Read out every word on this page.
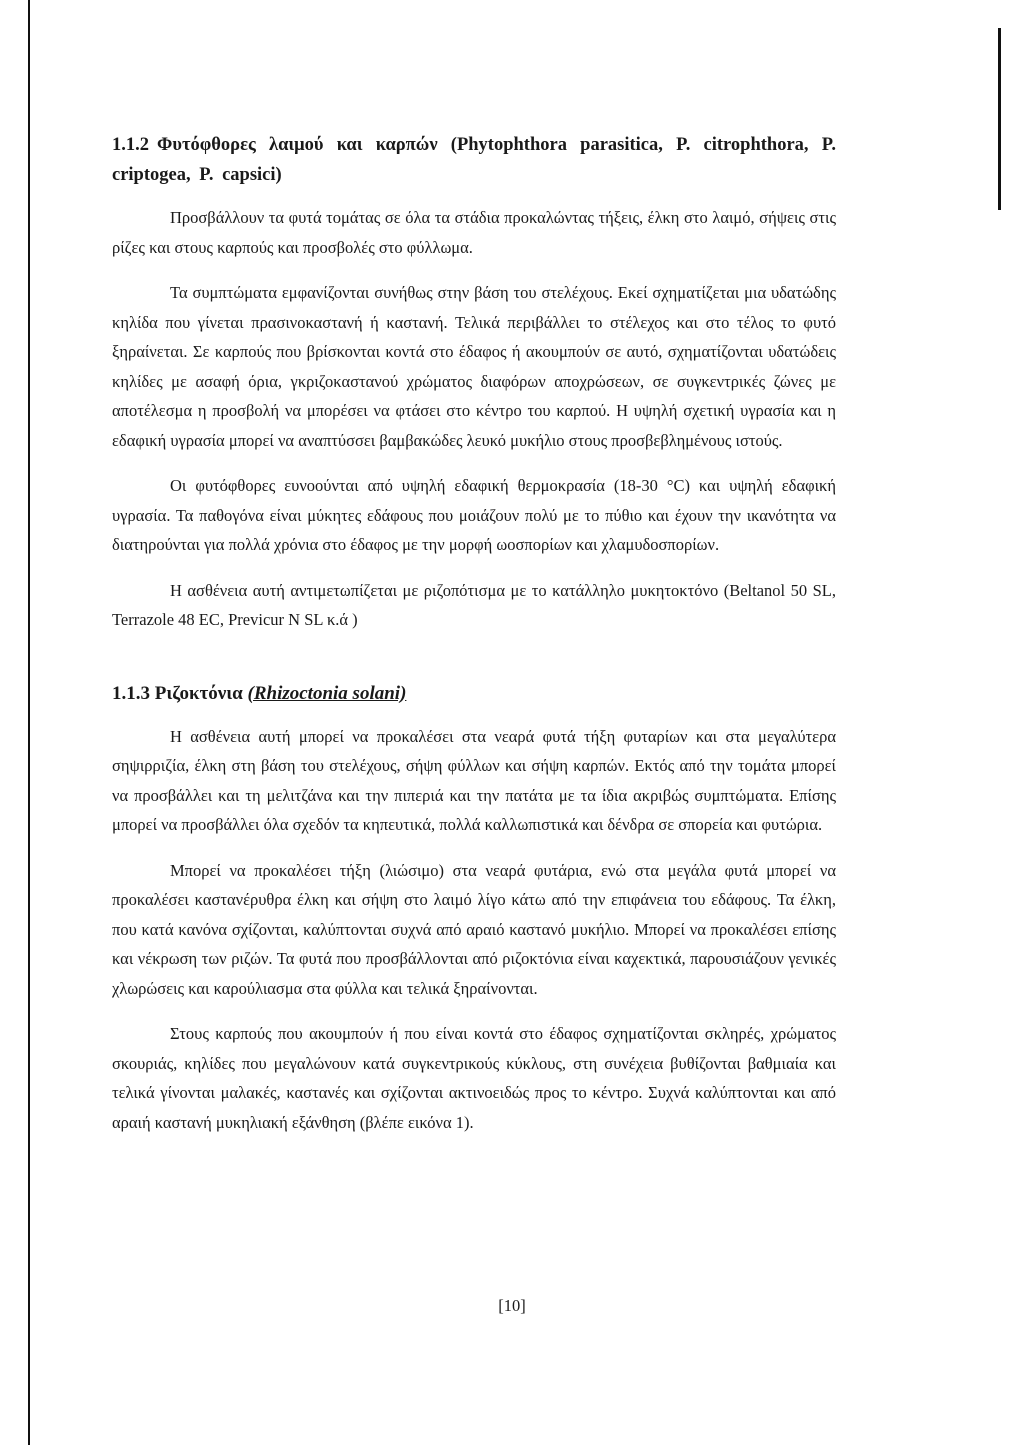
1.1.2 Φυτόφθορες λαιμού και καρπών (Phytophthora parasitica, P. citrophthora, P. criptogea, P. capsici)

Προσβάλλουν τα φυτά τομάτας σε όλα τα στάδια προκαλώντας τήξεις, έλκη στο λαιμό, σήψεις στις ρίζες και στους καρπούς και προσβολές στο φύλλωμα.

Τα συμπτώματα εμφανίζονται συνήθως στην βάση του στελέχους. Εκεί σχηματίζεται μια υδατώδης κηλίδα που γίνεται πρασινοκαστανή ή καστανή. Τελικά περιβάλλει το στέλεχος και στο τέλος το φυτό ξηραίνεται. Σε καρπούς που βρίσκονται κοντά στο έδαφος ή ακουμπούν σε αυτό, σχηματίζονται υδατώδεις κηλίδες με ασαφή όρια, γκριζοκαστανού χρώματος διαφόρων αποχρώσεων, σε συγκεντρικές ζώνες με αποτέλεσμα η προσβολή να μπορέσει να φτάσει στο κέντρο του καρπού. Η υψηλή σχετική υγρασία και η εδαφική υγρασία μπορεί να αναπτύσσει βαμβακώδες λευκό μυκήλιο στους προσβεβλημένους ιστούς.

Οι φυτόφθορες ευνοούνται από υψηλή εδαφική θερμοκρασία (18-30 °C) και υψηλή εδαφική υγρασία. Τα παθογόνα είναι μύκητες εδάφους που μοιάζουν πολύ με το πύθιο και έχουν την ικανότητα να διατηρούνται για πολλά χρόνια στο έδαφος με την μορφή ωοσπορίων και χλαμυδοσπορίων.

Η ασθένεια αυτή αντιμετωπίζεται με ριζοπότισμα με το κατάλληλο μυκητοκτόνο (Beltanol 50 SL, Terrazole 48 EC, Previcur N SL κ.ά )

1.1.3 Ριζοκτόνια (Rhizoctonia solani)

Η ασθένεια αυτή μπορεί να προκαλέσει στα νεαρά φυτά τήξη φυταρίων και στα μεγαλύτερα σηψιρριζία, έλκη στη βάση του στελέχους, σήψη φύλλων και σήψη καρπών. Εκτός από την τομάτα μπορεί να προσβάλλει και τη μελιτζάνα και την πιπεριά και την πατάτα με τα ίδια ακριβώς συμπτώματα. Επίσης μπορεί να προσβάλλει όλα σχεδόν τα κηπευτικά, πολλά καλλωπιστικά και δένδρα σε σπορεία και φυτώρια.

Μπορεί να προκαλέσει τήξη (λιώσιμο) στα νεαρά φυτάρια, ενώ στα μεγάλα φυτά μπορεί να προκαλέσει καστανέρυθρα έλκη και σήψη στο λαιμό λίγο κάτω από την επιφάνεια του εδάφους. Τα έλκη, που κατά κανόνα σχίζονται, καλύπτονται συχνά από αραιό καστανό μυκήλιο. Μπορεί να προκαλέσει επίσης και νέκρωση των ριζών. Τα φυτά που προσβάλλονται από ριζοκτόνια είναι καχεκτικά, παρουσιάζουν γενικές χλωρώσεις και καρούλιασμα στα φύλλα και τελικά ξηραίνονται.

Στους καρπούς που ακουμπούν ή που είναι κοντά στο έδαφος σχηματίζονται σκληρές, χρώματος σκουριάς, κηλίδες που μεγαλώνουν κατά συγκεντρικούς κύκλους, στη συνέχεια βυθίζονται βαθμιαία και τελικά γίνονται μαλακές, καστανές και σχίζονται ακτινοειδώς προς το κέντρο. Συχνά καλύπτονται και από αραιή καστανή μυκηλιακή εξάνθηση (βλέπε εικόνα 1).

[10]
